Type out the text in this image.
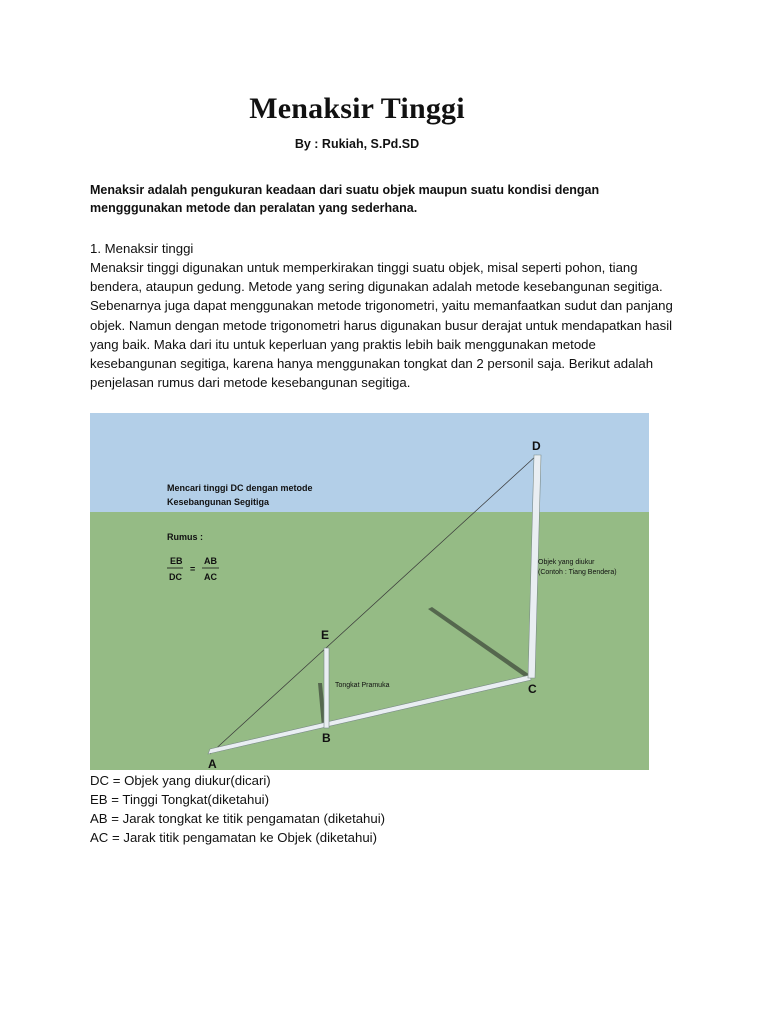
Menaksir Tinggi
By : Rukiah, S.Pd.SD
Menaksir adalah pengukuran keadaan dari suatu objek maupun suatu kondisi dengan mengggunakan metode dan peralatan yang sederhana.
1. Menaksir tinggi
Menaksir tinggi digunakan untuk memperkirakan tinggi suatu objek, misal seperti pohon, tiang bendera, ataupun gedung. Metode yang sering digunakan adalah metode kesebangunan segitiga. Sebenarnya juga dapat menggunakan metode trigonometri, yaitu memanfaatkan sudut dan panjang objek. Namun dengan metode trigonometri harus digunakan busur derajat untuk mendapatkan hasil yang baik. Maka dari itu untuk keperluan yang praktis lebih baik menggunakan metode kesebangunan segitiga, karena hanya menggunakan tongkat dan 2 personil saja. Berikut adalah penjelasan rumus dari metode kesebangunan segitiga.
D
E
B
C
A
Mencari tinggi DC dengan metode
Kesebangunan Segitiga
Rumus :
EB
DC
=
AB
AC
Objek yang diukur
(Contoh : Tiang Bendera)
Tongkat Pramuka
DC = Objek yang diukur(dicari)
EB = Tinggi Tongkat(diketahui)
AB = Jarak tongkat ke titik pengamatan (diketahui)
AC = Jarak titik pengamatan ke Objek (diketahui)
